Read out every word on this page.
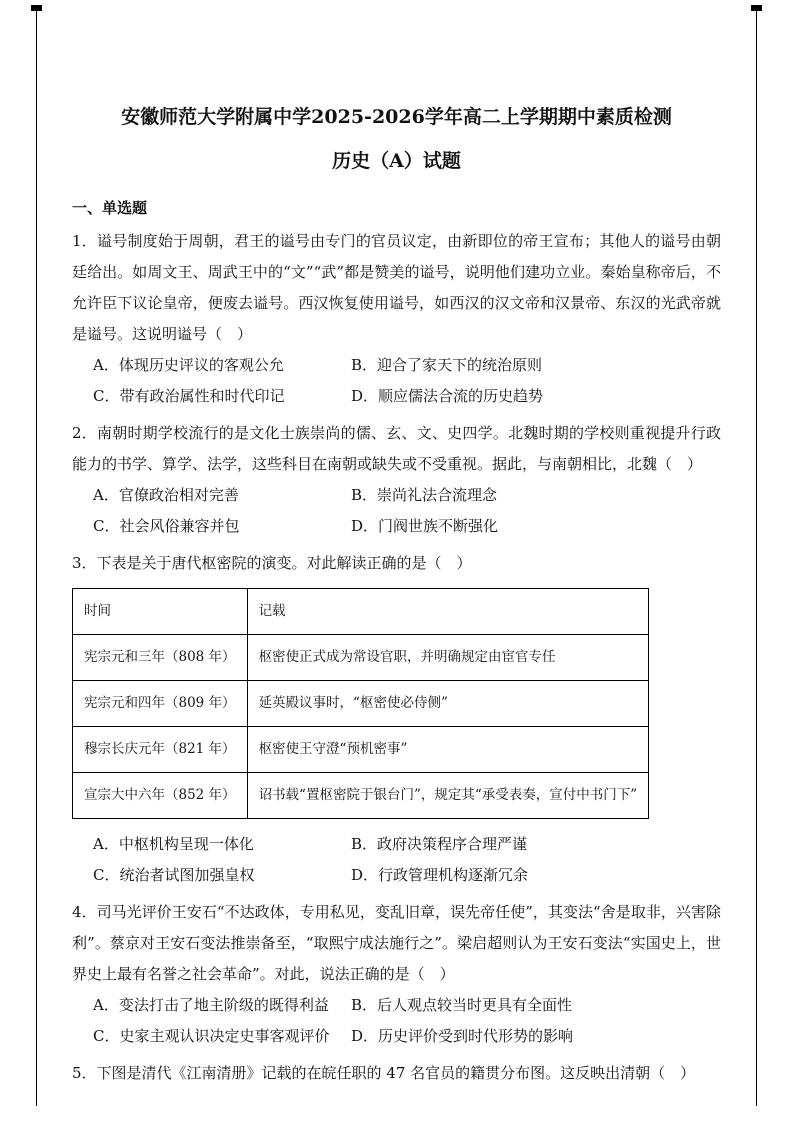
安徽师范大学附属中学2025-2026学年高二上学期期中素质检测
历史（A）试题
一、单选题

1．谥号制度始于周朝，君王的谥号由专门的官员议定，由新即位的帝王宣布；其他人的谥号由朝廷给出。如周文王、周武王中的“文”“武”都是赞美的谥号，说明他们建功立业。秦始皇称帝后，不允许臣下议论皇帝，便废去谥号。西汉恢复使用谥号，如西汉的汉文帝和汉景帝、东汉的光武帝就是谥号。这说明谥号（　）

A．体现历史评议的客观公允	B．迎合了家天下的统治原则
C．带有政治属性和时代印记	D．顺应儒法合流的历史趋势

2．南朝时期学校流行的是文化士族崇尚的儒、玄、文、史四学。北魏时期的学校则重视提升行政能力的书学、算学、法学，这些科目在南朝或缺失或不受重视。据此，与南朝相比，北魏（　）

A．官僚政治相对完善	B．崇尚礼法合流理念
C．社会风俗兼容并包	D．门阀世族不断强化

3．下表是关于唐代枢密院的演变。对此解读正确的是（　）

时间	记载
宪宗元和三年（808 年）	枢密使正式成为常设官职，并明确规定由宦官专任
宪宗元和四年（809 年）	延英殿议事时，“枢密使必侍侧”
穆宗长庆元年（821 年）	枢密使王守澄“预机密事”
宣宗大中六年（852 年）	诏书载“置枢密院于银台门”，规定其“承受表奏，宣付中书门下”
A．中枢机构呈现一体化	B．政府决策程序合理严谨
C．统治者试图加强皇权	D．行政管理机构逐渐冗余

4．司马光评价王安石“不达政体，专用私见，变乱旧章，误先帝任使”，其变法“舍是取非，兴害除利”。蔡京对王安石变法推崇备至，“取熙宁成法施行之”。梁启超则认为王安石变法“实国史上，世界史上最有名誉之社会革命”。对此，说法正确的是（　）

A．变法打击了地主阶级的既得利益	B．后人观点较当时更具有全面性
C．史家主观认识决定史事客观评价	D．历史评价受到时代形势的影响

5．下图是清代《江南清册》记载的在皖任职的 47 名官员的籍贯分布图。这反映出清朝（　）
